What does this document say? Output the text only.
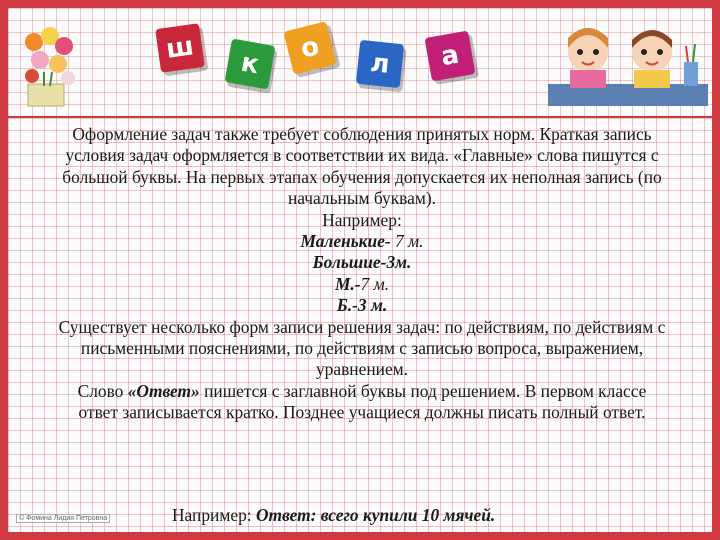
ш к о л а

Оформление задач также требует соблюдения принятых норм. Краткая запись условия задач оформляется в соответствии их вида. «Главные» слова пишутся с большой буквы. На первых этапах обучения допускается их неполная запись (по начальным буквам).

Например:

Маленькие- 7 м.

Большие-3м.

М.-7 м.

Б.-3 м.

Существует несколько форм записи решения задач: по действиям, по действиям с письменными пояснениями, по действиям с записью вопроса, выражением, уравнением.

Слово «Ответ» пишется с заглавной буквы под решением. В первом классе ответ записывается кратко. Позднее учащиеся должны писать полный ответ.

Например: Ответ: всего купили 10 мячей.
© Фомина Лидия Петровна
